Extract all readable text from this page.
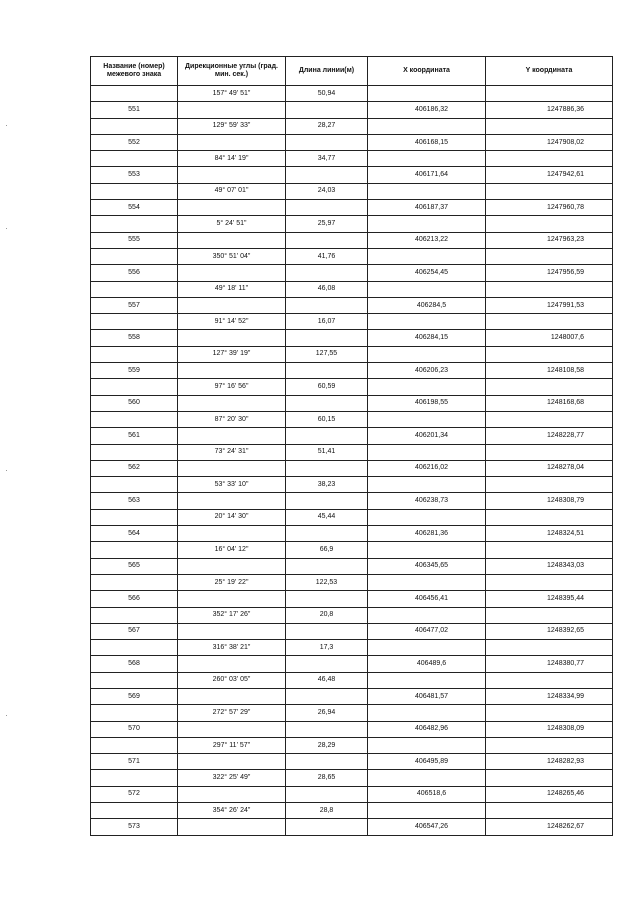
Название (номер) межевого знака	Дирекционные углы (град. мин. сек.)	Длина линии(м)	X координата	Y координата
	157° 49' 51"	50,94		
551			406186,32	1247886,36
	129° 59' 33"	28,27		
552			406168,15	1247908,02
	84° 14' 19"	34,77		
553			406171,64	1247942,61
	49° 07' 01"	24,03		
554			406187,37	1247960,78
	5° 24' 51"	25,97		
555			406213,22	1247963,23
	350° 51' 04"	41,76		
556			406254,45	1247956,59
	49° 18' 11"	46,08		
557			406284,5	1247991,53
	91° 14' 52"	16,07		
558			406284,15	1248007,6
	127° 39' 19"	127,55		
559			406206,23	1248108,58
	97° 16' 56"	60,59		
560			406198,55	1248168,68
	87° 20' 30"	60,15		
561			406201,34	1248228,77
	73° 24' 31"	51,41		
562			406216,02	1248278,04
	53° 33' 10"	38,23		
563			406238,73	1248308,79
	20° 14' 30"	45,44		
564			406281,36	1248324,51
	16° 04' 12"	66,9		
565			406345,65	1248343,03
	25° 19' 22"	122,53		
566			406456,41	1248395,44
	352° 17' 26"	20,8		
567			406477,02	1248392,65
	316° 38' 21"	17,3		
568			406489,6	1248380,77
	260° 03' 05"	46,48		
569			406481,57	1248334,99
	272° 57' 29"	26,94		
570			406482,96	1248308,09
	297° 11' 57"	28,29		
571			406495,89	1248282,93
	322° 25' 49"	28,65		
572			406518,6	1248265,46
	354° 26' 24"	28,8		
573			406547,26	1248262,67
